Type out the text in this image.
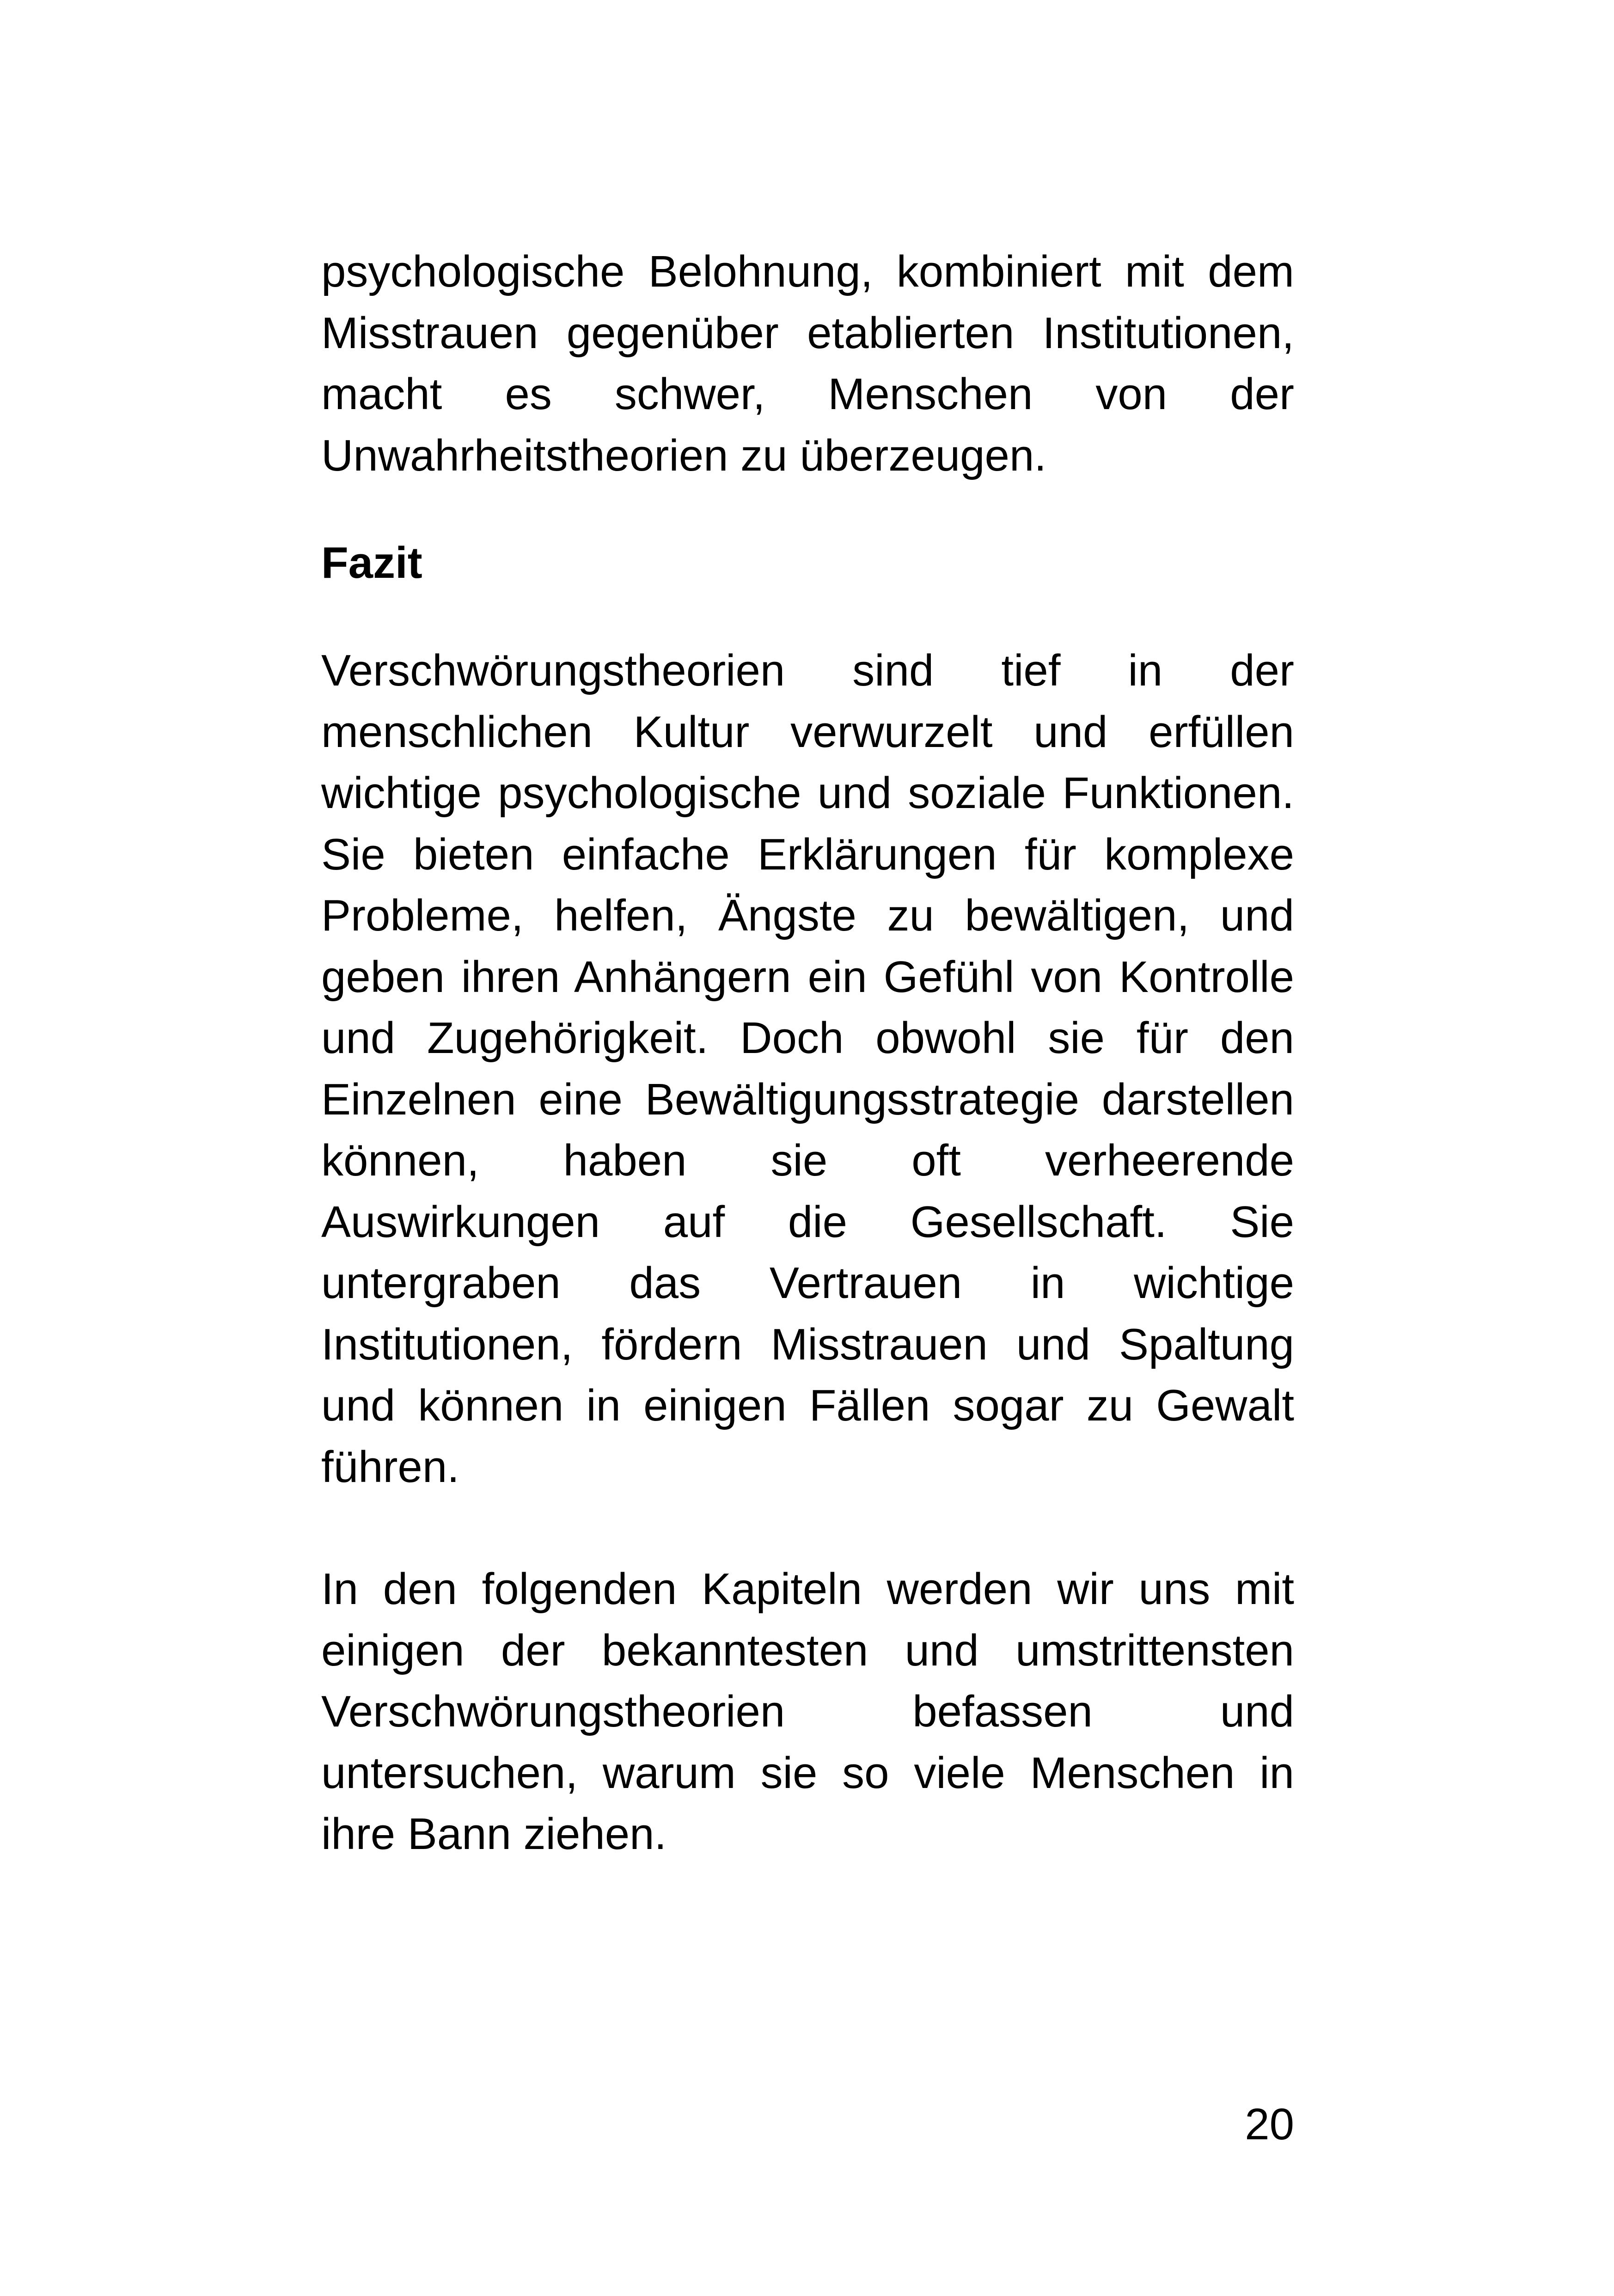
psychologische Belohnung, kombiniert mit dem Misstrauen gegenüber etablierten Institutionen, macht es schwer, Menschen von der Unwahrheitstheorien zu überzeugen.

Fazit

Verschwörungstheorien sind tief in der menschlichen Kultur verwurzelt und erfüllen wichtige psychologische und soziale Funktionen. Sie bieten einfache Erklärungen für komplexe Probleme, helfen, Ängste zu bewältigen, und geben ihren Anhängern ein Gefühl von Kontrolle und Zugehörigkeit. Doch obwohl sie für den Einzelnen eine Bewältigungsstrategie darstellen können, haben sie oft verheerende Auswirkungen auf die Gesellschaft. Sie untergraben das Vertrauen in wichtige Institutionen, fördern Misstrauen und Spaltung und können in einigen Fällen sogar zu Gewalt führen.

In den folgenden Kapiteln werden wir uns mit einigen der bekanntesten und umstrittensten Verschwörungstheorien befassen und untersuchen, warum sie so viele Menschen in ihre Bann ziehen.

20
